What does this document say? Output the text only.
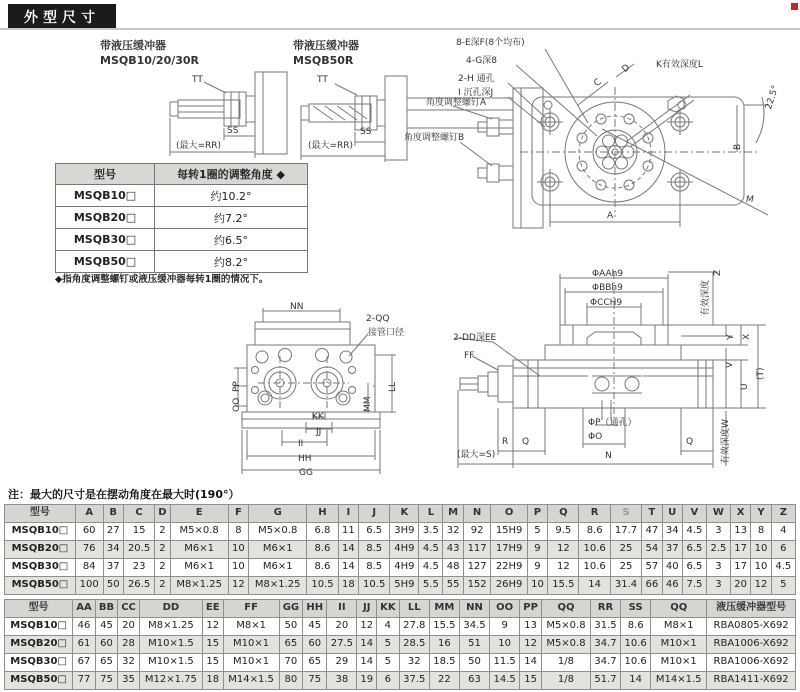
外型尺寸
带液压缓冲器
MSQB10/20/30R
带液压缓冲器
MSQB50R
TT
SS
(最大=RR)
TT
SS
(最大=RR)
角度调整螺钉A
角度调整螺钉B
8-E深F(8个均布)
4-G深8
2-H 通孔
I 沉孔深J
C
D	K有效深度L
22.5°
B
A
M
NN
2-QQ
接管口径
PP
OO
LL
MM
KK
JJ
II
HH
GG
ΦAAh9
ΦBBh9
ΦCCH9
Z
有效深度
Y X
V
U
(T)
有效深度W
2-DD深EE
FF
R Q
ΦP（通孔）
ΦO	Q
N
(最大=S)
型号	每转1圈的调整角度 ◆
MSQB10□	约10.2°
MSQB20□	约7.2°
MSQB30□	约6.5°
MSQB50□	约8.2°
◆指角度调整螺钉或液压缓冲器每转1圈的情况下。
注：最大的尺寸是在摆动角度在最大时(190°）
型号	A	B	C	D	E	F	G	H	I	J	K	L	M	N	O	P	Q	R	S	T	U	V	W	X	Y	Z
MSQB10□	60	27	15	2	M5×0.8	8	M5×0.8	6.8	11	6.5	3H9	3.5	32	92	15H9	5	9.5	8.6	17.7	47	34	4.5	3	13	8	4
MSQB20□	76	34	20.5	2	M6×1	10	M6×1	8.6	14	8.5	4H9	4.5	43	117	17H9	9	12	10.6	25	54	37	6.5	2.5	17	10	6
MSQB30□	84	37	23	2	M6×1	10	M6×1	8.6	14	8.5	4H9	4.5	48	127	22H9	9	12	10.6	25	57	40	6.5	3	17	10	4.5
MSQB50□	100	50	26.5	2	M8×1.25	12	M8×1.25	10.5	18	10.5	5H9	5.5	55	152	26H9	10	15.5	14	31.4	66	46	7.5	3	20	12	5
型号	AA	BB	CC	DD	EE	FF	GG	HH	II	JJ	KK	LL	MM	NN	OO	PP	QQ	RR	SS	QQ	液压缓冲器型号
MSQB10□	46	45	20	M8×1.25	12	M8×1	50	45	20	12	4	27.8	15.5	34.5	9	13	M5×0.8	31.5	8.6	M8×1	RBA0805-X692
MSQB20□	61	60	28	M10×1.5	15	M10×1	65	60	27.5	14	5	28.5	16	51	10	12	M5×0.8	34.7	10.6	M10×1	RBA1006-X692
MSQB30□	67	65	32	M10×1.5	15	M10×1	70	65	29	14	5	32	18.5	50	11.5	14	1/8	34.7	10.6	M10×1	RBA1006-X692
MSQB50□	77	75	35	M12×1.75	18	M14×1.5	80	75	38	19	6	37.5	22	63	14.5	15	1/8	51.7	14	M14×1.5	RBA1411-X692
